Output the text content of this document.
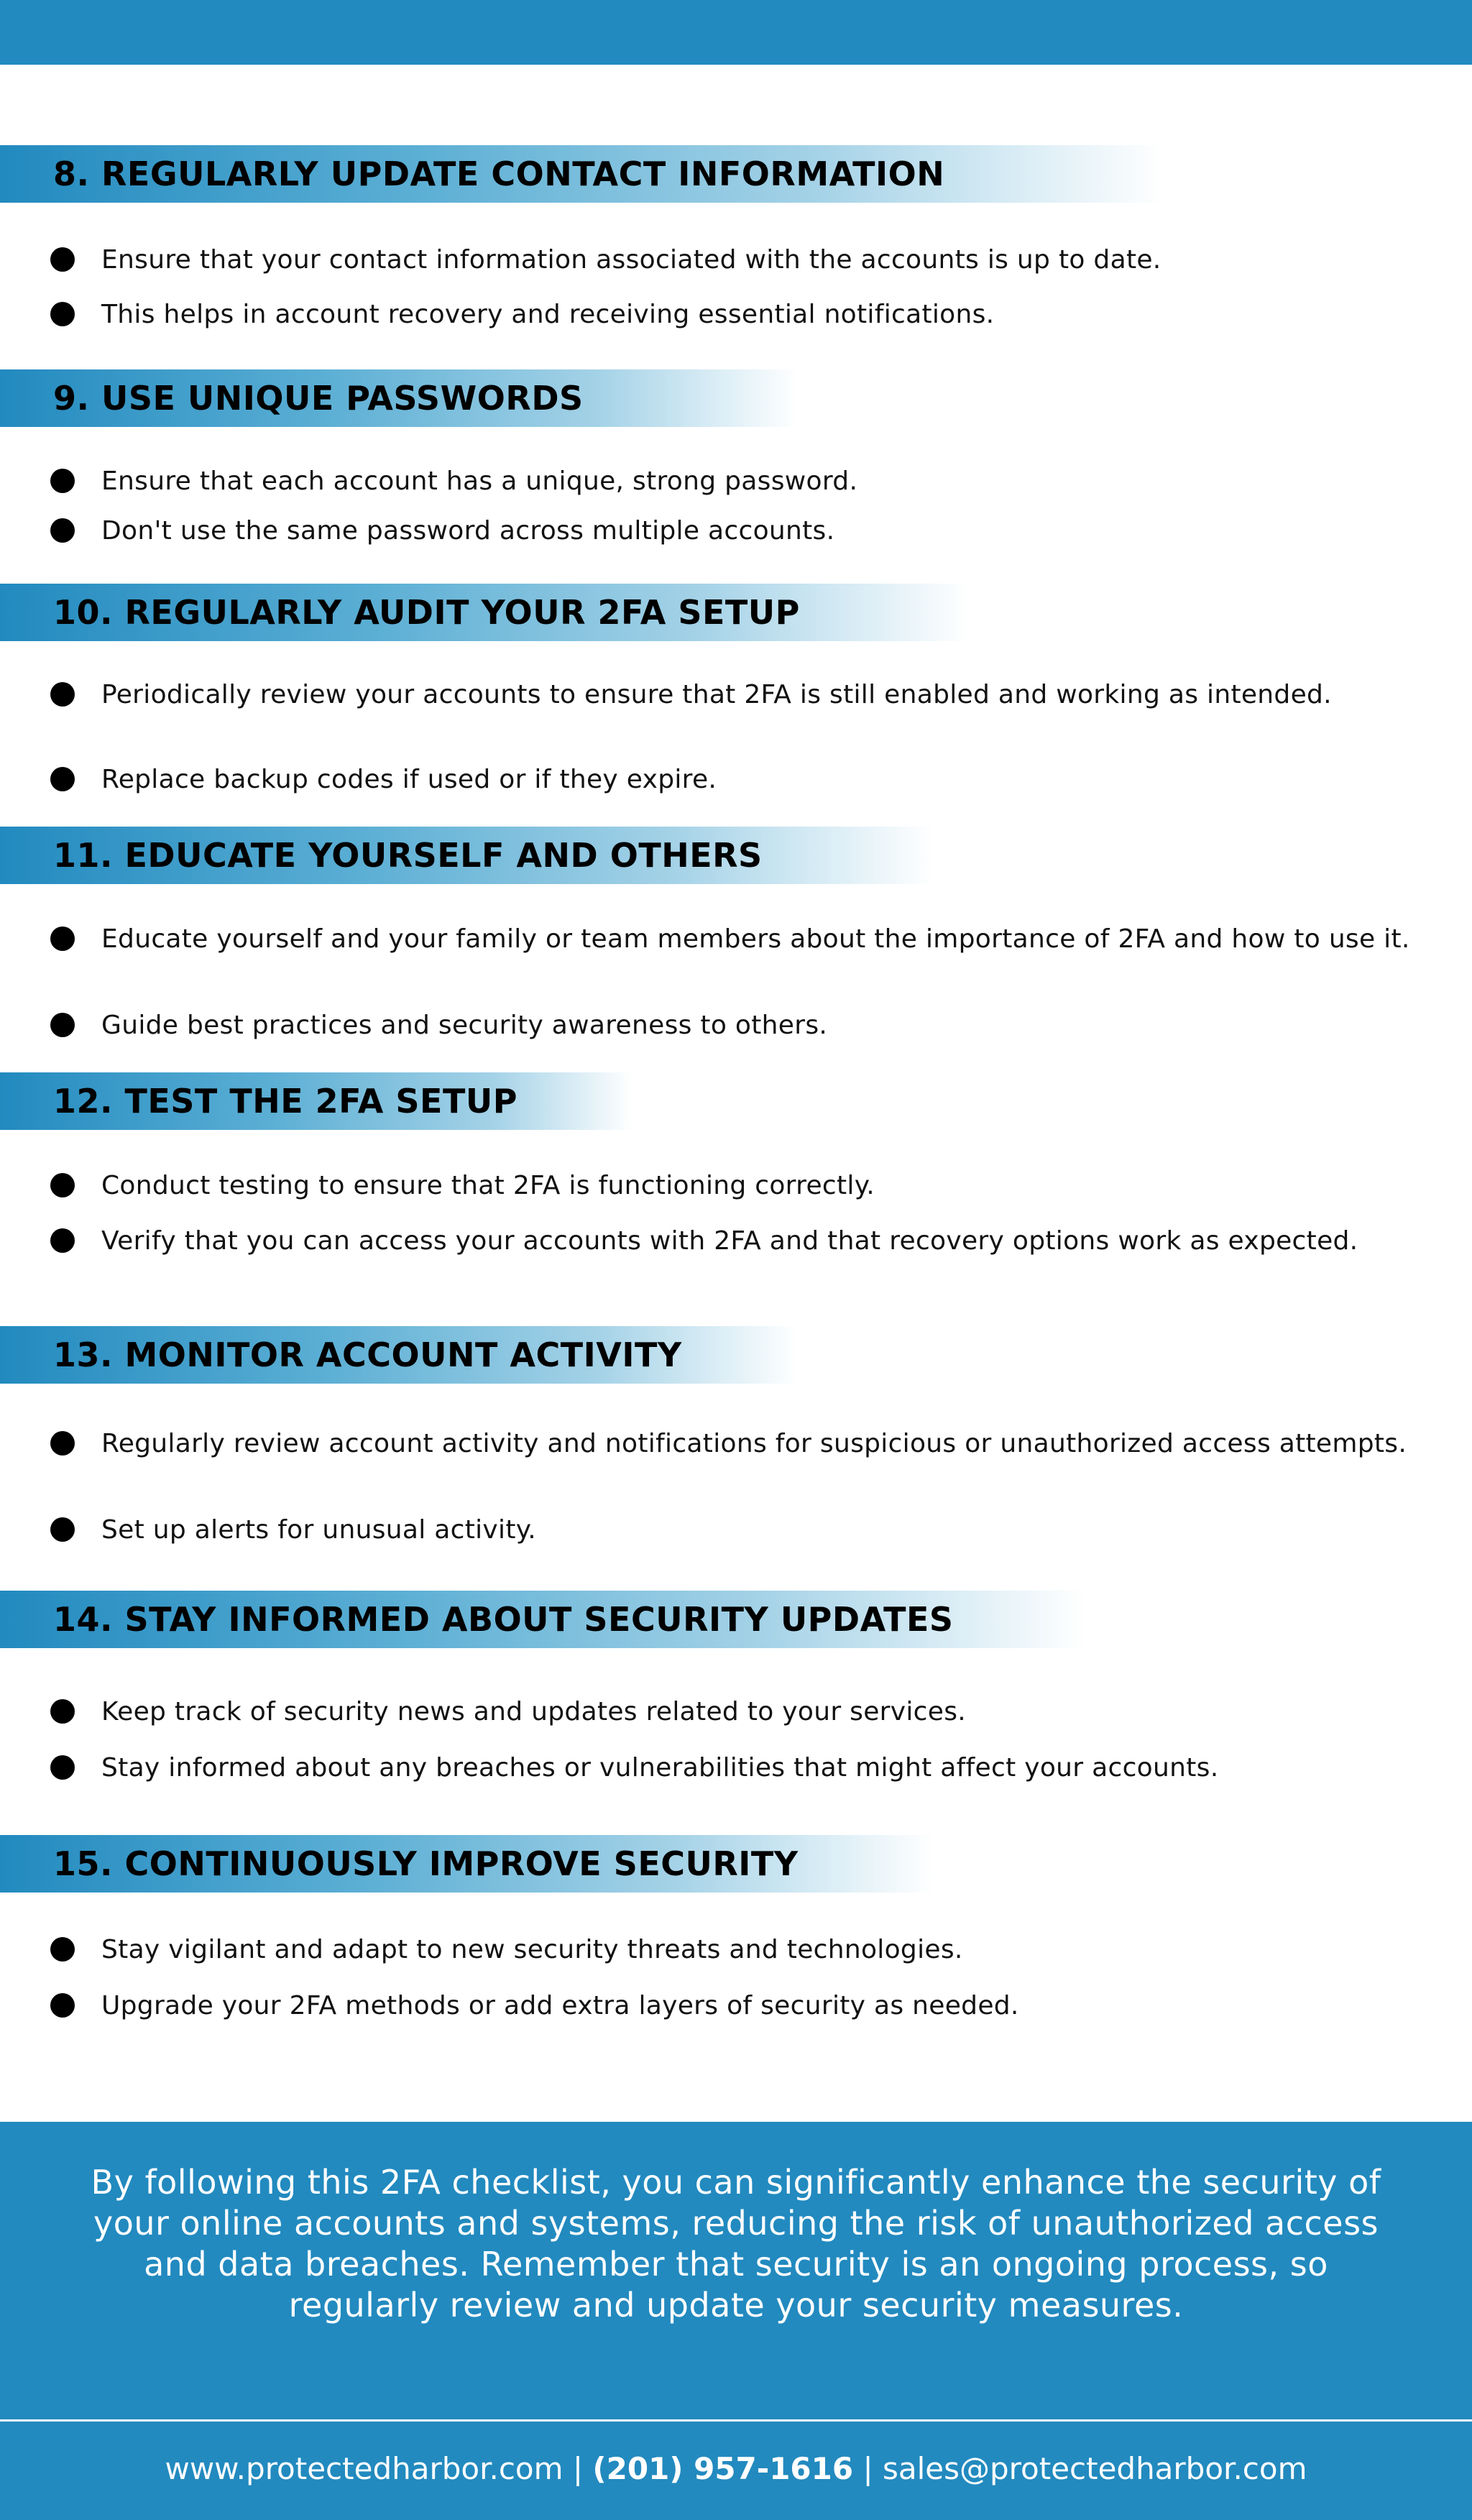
8. REGULARLY UPDATE CONTACT INFORMATION
Ensure that your contact information associated with the accounts is up to date.
This helps in account recovery and receiving essential notifications.
9. USE UNIQUE PASSWORDS
Ensure that each account has a unique, strong password.
Don't use the same password across multiple accounts.
10. REGULARLY AUDIT YOUR 2FA SETUP
Periodically review your accounts to ensure that 2FA is still enabled and working as intended.
Replace backup codes if used or if they expire.
11. EDUCATE YOURSELF AND OTHERS
Educate yourself and your family or team members about the importance of 2FA and how to use it.
Guide best practices and security awareness to others.
12. TEST THE 2FA SETUP
Conduct testing to ensure that 2FA is functioning correctly.
Verify that you can access your accounts with 2FA and that recovery options work as expected.
13. MONITOR ACCOUNT ACTIVITY
Regularly review account activity and notifications for suspicious or unauthorized access attempts.
Set up alerts for unusual activity.
14. STAY INFORMED ABOUT SECURITY UPDATES
Keep track of security news and updates related to your services.
Stay informed about any breaches or vulnerabilities that might affect your accounts.
15. CONTINUOUSLY IMPROVE SECURITY
Stay vigilant and adapt to new security threats and technologies.
Upgrade your 2FA methods or add extra layers of security as needed.

By following this 2FA checklist, you can significantly enhance the security of your online accounts and systems, reducing the risk of unauthorized access and data breaches. Remember that security is an ongoing process, so regularly review and update your security measures.

www.protectedharbor.com | (201) 957-1616 | sales@protectedharbor.com
